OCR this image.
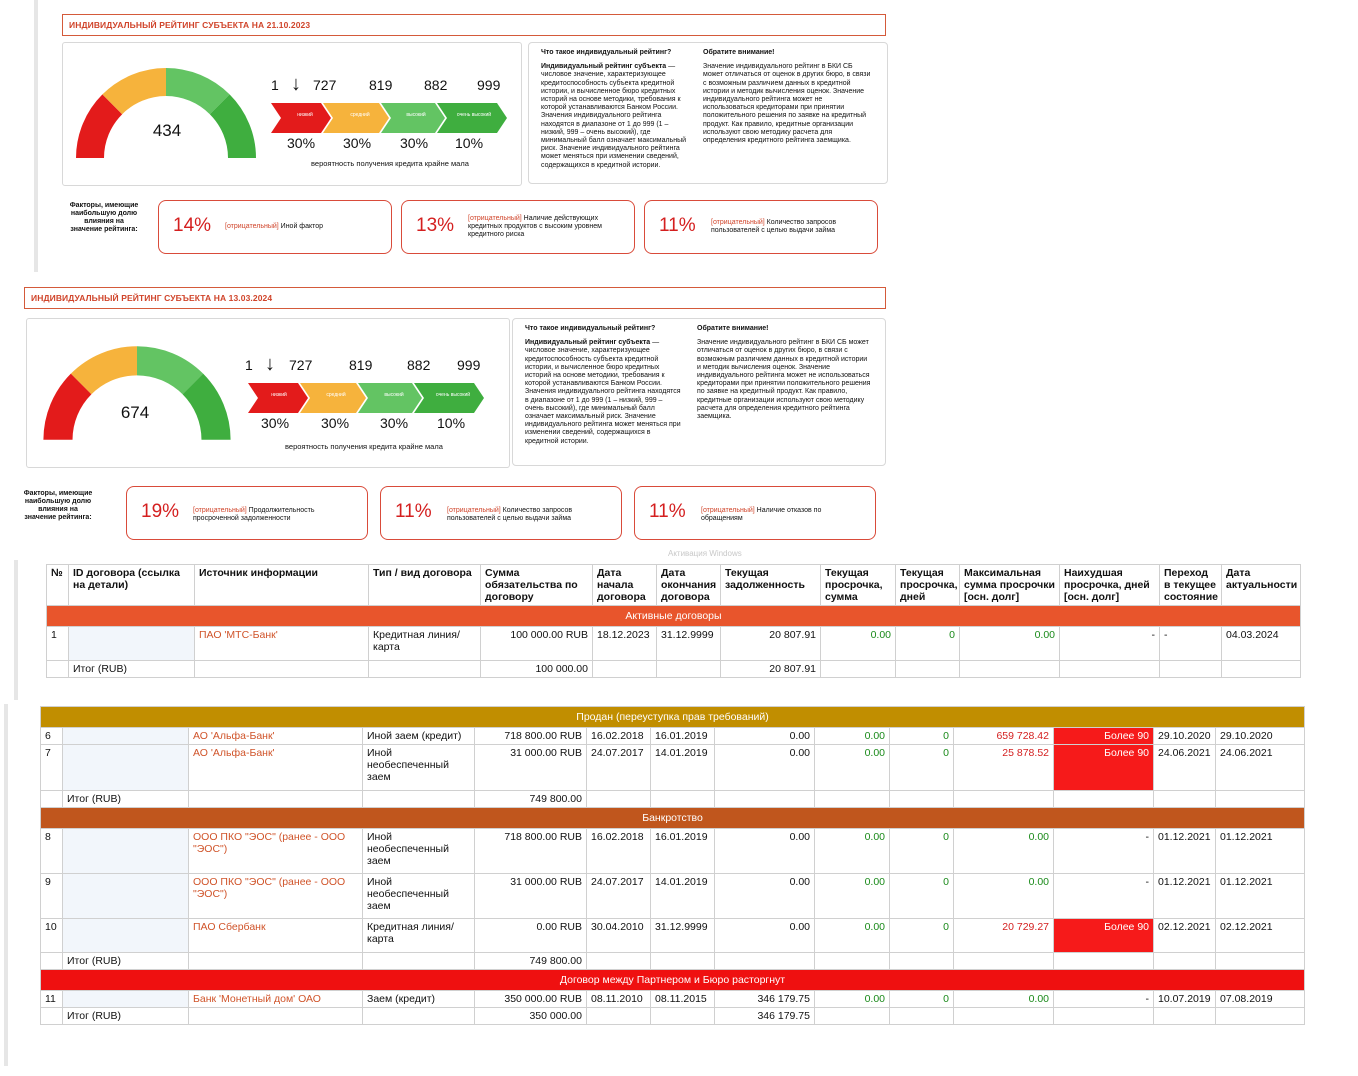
ИНДИВИДУАЛЬНЫЙ РЕЙТИНГ СУБЪЕКТА НА 21.10.2023
434
1 ↓ 727 819 882 999
низкий	средний	высокий	очень высокий
30% 30% 30% 10%
вероятность получения кредита крайне мала
Что такое индивидуальный рейтинг?
Индивидуальный рейтинг субъекта — числовое значение, характеризующее кредитоспособность субъекта кредитной истории, и вычисленное бюро кредитных историй на основе методики, требования к которой устанавливаются Банком России. Значения индивидуального рейтинга находятся в диапазоне от 1 до 999 (1 – низкий, 999 – очень высокий), где минимальный балл означает максимальный риск. Значение индивидуального рейтинга может меняться при изменении сведений, содержащихся в кредитной истории.
Обратите внимание!
Значение индивидуального рейтинг в БКИ СБ может отличаться от оценок в других бюро, в связи с возможным различием данных в кредитной истории и методик вычисления оценок. Значение индивидуального рейтинга может не использоваться кредиторами при принятии положительного решения по заявке на кредитный продукт. Как правило, кредитные организации используют свою методику расчета для определения кредитного рейтинга заемщика.
Факторы, имеющие наибольшую долю влияния на значение рейтинга: 14% [отрицательный] Иной фактор	13% [отрицательный] Наличие действующих кредитных продуктов с высоким уровнем кредитного риска	11% [отрицательный] Количество запросов пользователей с целью выдачи займа
ИНДИВИДУАЛЬНЫЙ РЕЙТИНГ СУБЪЕКТА НА 13.03.2024
674
1 ↓ 727	819 882 999
низкий	средний	высокий	очень высокий
30% 30% 30% 10%
вероятность получения кредита крайне мала
Что такое индивидуальный рейтинг?
Индивидуальный рейтинг субъекта — числовое значение, характеризующее кредитоспособность субъекта кредитной истории, и вычисленное бюро кредитных историй на основе методики, требования к которой устанавливаются Банком России. Значения индивидуального рейтинга находятся в диапазоне от 1 до 999 (1 – низкий, 999 – очень высокий), где минимальный балл означает максимальный риск. Значение индивидуального рейтинга может меняться при изменении сведений, содержащихся в кредитной истории.
Обратите внимание!
Значение индивидуального рейтинг в БКИ СБ может отличаться от оценок в других бюро, в связи с возможным различием данных в кредитной истории и методик вычисления оценок. Значение индивидуального рейтинга может не использоваться кредиторами при принятии положительного решения по заявке на кредитный продукт. Как правило, кредитные организации используют свою методику расчета для определения кредитного рейтинга заемщика.
Факторы, имеющие наибольшую долю влияния на значение рейтинга:	19% [отрицательный] Продолжительность просроченной задолженности	11% [отрицательный] Количество запросов пользователей с целью выдачи займа	11% [отрицательный] Наличие отказов по обращениям
Активация Windows
№	ID договора (ссылка на детали)	Источник информации	Тип / вид договора	Сумма обязательства по договору	Дата начала договора	Дата окончания договора	Текущая задолженность	Текущая просрочка, сумма	Текущая просрочка, дней	Максимальная сумма просрочки [осн. долг]	Наихудшая просрочка, дней [осн. долг]	Переход в текущее состояние	Дата актуальности
Активные договоры													
1		ПАО 'МТС-Банк'	Кредитная линия/карта	100 000.00 RUB	18.12.2023	31.12.9999	20 807.91	0.00	0	0.00	-	-	04.03.2024
	Итог (RUB)			100 000.00			20 807.91						
Продан (переуступка прав требований)													
6		АО 'Альфа-Банк'	Иной заем (кредит)	718 800.00 RUB	16.02.2018	16.01.2019	0.00	0.00	0	659 728.42	Более 90	29.10.2020	29.10.2020
7		АО 'Альфа-Банк'	Иной необеспеченный заем	31 000.00 RUB	24.07.2017	14.01.2019	0.00	0.00	0	25 878.52	Более 90	24.06.2021	24.06.2021
	Итог (RUB)			749 800.00									
Банкротство													
8		ООО ПКО "ЭОС" (ранее - ООО "ЭОС")	Иной необеспеченный заем	718 800.00 RUB	16.02.2018	16.01.2019	0.00	0.00	0	0.00	-	01.12.2021	01.12.2021
9		ООО ПКО "ЭОС" (ранее - ООО "ЭОС")	Иной необеспеченный заем	31 000.00 RUB	24.07.2017	14.01.2019	0.00	0.00	0	0.00	-	01.12.2021	01.12.2021
10		ПАО Сбербанк	Кредитная линия/карта	0.00 RUB	30.04.2010	31.12.9999	0.00	0.00	0	20 729.27	Более 90	02.12.2021	02.12.2021
	Итог (RUB)			749 800.00									
Договор между Партнером и Бюро расторгнут													
11		Банк 'Монетный дом' ОАО	Заем (кредит)	350 000.00 RUB	08.11.2010	08.11.2015	346 179.75	0.00	0	0.00	-	10.07.2019	07.08.2019
	Итог (RUB)			350 000.00			346 179.75						
